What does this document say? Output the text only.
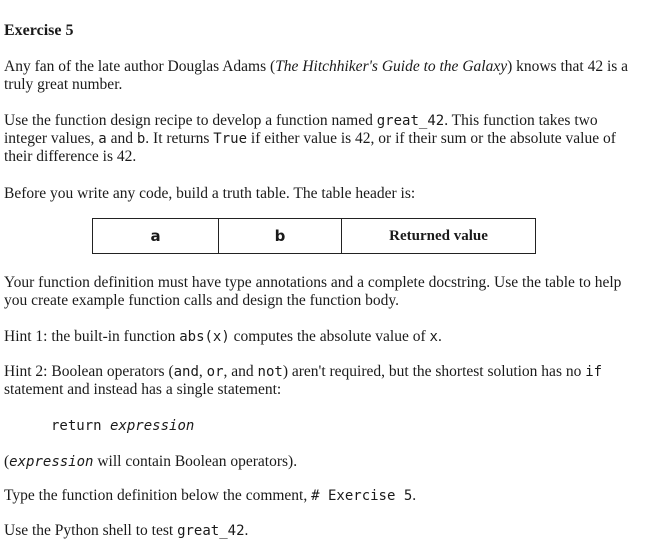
Exercise 5

Any fan of the late author Douglas Adams (The Hitchhiker's Guide to the Galaxy) knows that 42 is a truly great number.

Use the function design recipe to develop a function named great_42. This function takes two integer values, a and b. It returns True if either value is 42, or if their sum or the absolute value of their difference is 42.

Before you write any code, build a truth table. The table header is:

a	b	Returned value

Your function definition must have type annotations and a complete docstring. Use the table to help you create example function calls and design the function body.

Hint 1: the built-in function abs(x) computes the absolute value of x.

Hint 2: Boolean operators (and, or, and not) aren't required, but the shortest solution has no if statement and instead has a single statement:

return expression

(expression will contain Boolean operators).

Type the function definition below the comment, # Exercise 5.

Use the Python shell to test great_42.
